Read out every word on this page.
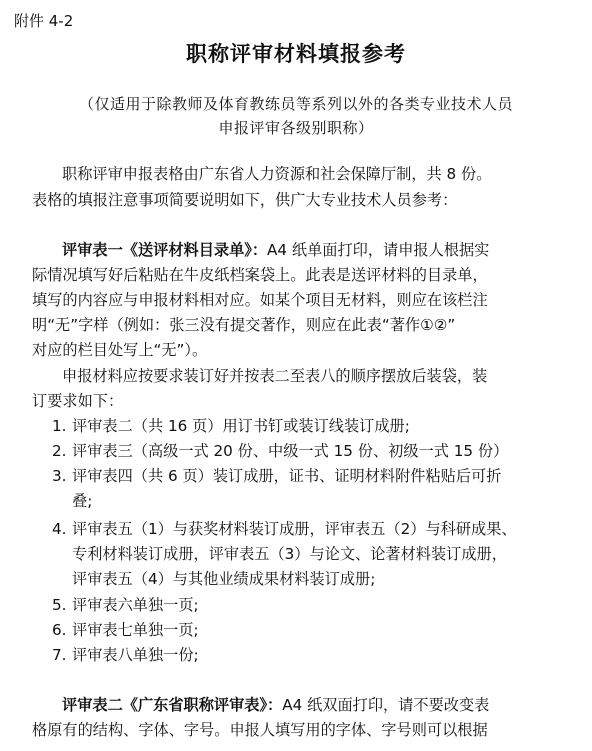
附件 4-2
职称评审材料填报参考
（仅适用于除教师及体育教练员等系列以外的各类专业技术人员
申报评审各级别职称）
职称评审申报表格由广东省人力资源和社会保障厅制，共 8 份。
表格的填报注意事项简要说明如下，供广大专业技术人员参考：
评审表一《送评材料目录单》：A4 纸单面打印，请申报人根据实
际情况填写好后粘贴在牛皮纸档案袋上。此表是送评材料的目录单，
填写的内容应与申报材料相对应。如某个项目无材料，则应在该栏注
明“无”字样（例如：张三没有提交著作，则应在此表“著作①②”
对应的栏目处写上“无”）。
申报材料应按要求装订好并按表二至表八的顺序摆放后装袋，装
订要求如下：
1. 评审表二（共 16 页）用订书钉或装订线装订成册;
2. 评审表三（高级一式 20 份、中级一式 15 份、初级一式 15 份）
3. 评审表四（共 6 页）装订成册，证书、证明材料附件粘贴后可折
叠;
4. 评审表五（1）与获奖材料装订成册，评审表五（2）与科研成果、
专利材料装订成册，评审表五（3）与论文、论著材料装订成册，
评审表五（4）与其他业绩成果材料装订成册;
5. 评审表六单独一页;
6. 评审表七单独一页;
7. 评审表八单独一份;
评审表二《广东省职称评审表》：A4 纸双面打印，请不要改变表
格原有的结构、字体、字号。申报人填写用的字体、字号则可以根据
